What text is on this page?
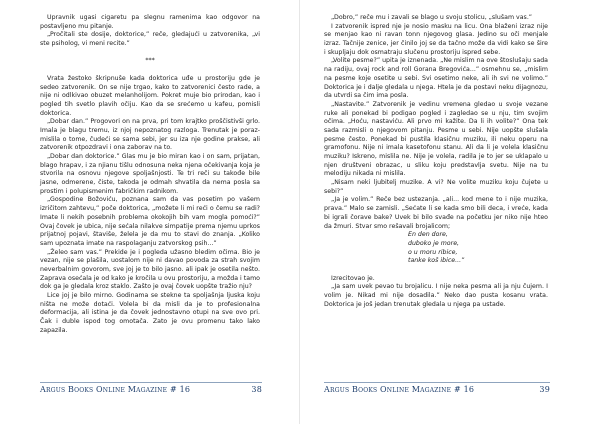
Upravnik ugasi cigaretu pa slegnu ramenima kao odgovor na postavljeno mu pitanje.

„Pročitali ste dosije, doktorice,” reče, gledajući u zatvorenika, „vi ste psiholog, vi meni recite.”

***

Vrata žestoko škripnuše kada doktorica uđe u prostoriju gde je sedeo zatvorenik. On se nije trgao, kako to zatvorenici često rade, a nije ni odlkivao obuzet melanholijom. Pokret muje bio prirodan, kao i pogled tih svetlo plavih očiju. Kao da se srećemo u kafeu, pomisli doktorica.

„Dobar dan.” Progovori on na prva, pri tom krajtko proščistivši grlo. Imala je blagu tremu, iz njoj nepoznatog razloga. Trenutak je poraz-mislila o tome, čudeći se sama sebi, jer su iza nje godine prakse, ali zatvorenik otpozdravi i ona zaborav na to.

„Dobar dan doktorice.” Glas mu je bio miran kao i on sam, prijatan, blago hrapav, i za njianu tišlu odnosuna neka njena očekivanja koja je stvorila na osnovu njegove spoljašnjosti. Te tri reči su takođe bile jasne, odmerene, čiste, takoda je odmah shvatila da nema posla sa prostim i polupismenim fabričkim radnikom.

„Gospodine Božoviću, poznana sam da vas posetim po vašem izričitom zahtevu,” poče doktorica, „možete li mi reći o čemu se radi? Imate li nekih posebnih problema okokojih bih vam mogla pomoći?” Ovaj čovek je ubica, nije sećala nilakve simpatije prema njemu uprkos prijatnoj pojavi, štaviše, želela je da mu to stavi do znanja. „Koliko sam upoznata imate na raspolaganju zatvorskog psih...”

„Želeo sam vas.” Prekide je i pogleda užasno bledim očima. Bio je vezan, nije se plašila, uostalom nije ni davao povoda za strah svojim neverbalnim govorom, sve joj je to bilo jasno. ali ipak je osetila nešto. Zaprava osećala je od kako je kročila u ovu prostoriju, a možda i tamo dok ga je gledala kroz staklo. Zašto je ovaj čovek uopšte tražio nju?

Lice joj je bilo mirno. Godinama se stekne ta spoljašnja ljuska koju ništa ne može dotaći. Volela bi da misli da je to profesionalna deformacija, ali istina je da čovek jednostavno otupi na sve ovo pri. Čak i duble ispod tog omotača. Zato je ovu promenu tako lako zapazila.

Argus Books Online Magazine # 16	38

„Dobro,” reče mu i zavali se blago u svoju stolicu, „slušam vas.”

I zatvorenik ispred nje je nosio masku na licu. Ona blaženi izraz nije se menjao kao ni ravan tonn njegovog glasa. Jedino su oči menjale izraz. Tačnije zenice, jer činilo joj se da tačno može da vidi kako se šire i skupljaju dok osmatraju slučenu prostoriju ispred sebe.

„Volite pesme?” upita je iznenada. „Ne mislim na ove štoslušaju sada na radiju, ovaj rock and roll Gorana Bregovića...” osmehnu se, „mislim na pesme koje osetite u sebi. Svi osetimo neke, ali ih svi ne volimo.” Doktorica je i dalje gledala u njega. Htela je da postavi neku dijagnozu, da utvrdi sa čim ima posla.

„Nastavite.” Zatvorenik je vedinu vremena gledao u svoje vezane ruke ali ponekad bi podigao pogled i zagledao se u nju, tim svojim očima. „Hoću, nastaviću. Ali prvo mi kažite. Da li ih volite?” Ona tek sada razmisli o njegovom pitanju. Pesme u sebi. Nije uopšte slušala pesme često. Ponekad bi pustila klasičnu muziku, ili neku operu na gramofonu. Nije ni imala kasetofonu stanu. Ali da li je volela klasičnu muziku? Iskreno, mislila ne. Nije je volela, radila je to jer se uklapalo u njen društveni obrazac, u sliku koju predstavlja svetu. Nije na tu melodiju nikada ni mislila.

„Nisam neki ljubitelj muzike. A vi? Ne volite muziku koju čujete u sebi?”

„Ja je volim.” Reče bez ustezanja. „ali... kod mene to i nije muzika, prava.” Malo se zamisli. „Sećate li se kada smo bili deca, i vreće, kada bi igrali čoravе bake? Uvek bi bilo svađe na početku jer niko nije hteo da žmuri. Stvar smo rešavali brojalicom;

En den dore,

duboko je more,

o u moru ribice,

tanke koš ibice...”

Izrecitovao je.

„Ja sam uvek pevao tu brojalicu. I nije neka pesma ali ja nju čujem. I volim je. Nikad mi nije dosadila.” Neko dao pusta kosanu vrata. Doktorica je još jedan trenutak gledala u njega pa ustade.

Argus Books Online Magazine # 16	39
